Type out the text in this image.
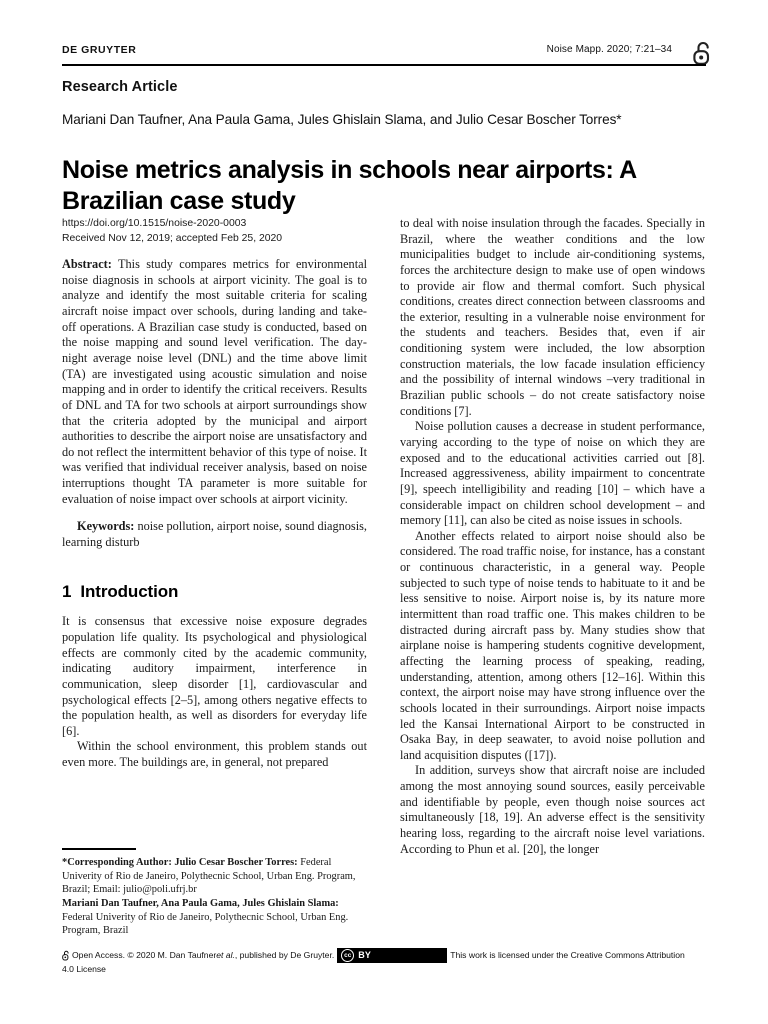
DE GRUYTER	Noise Mapp. 2020; 7:21–34
Research Article
Mariani Dan Taufner, Ana Paula Gama, Jules Ghislain Slama, and Julio Cesar Boscher Torres*
Noise metrics analysis in schools near airports: A Brazilian case study
https://doi.org/10.1515/noise-2020-0003
Received Nov 12, 2019; accepted Feb 25, 2020

Abstract: This study compares metrics for environmental noise diagnosis in schools at airport vicinity. The goal is to analyze and identify the most suitable criteria for scaling aircraft noise impact over schools, during landing and take-off operations. A Brazilian case study is conducted, based on the noise mapping and sound level verification. The day-night average noise level (DNL) and the time above limit (TA) are investigated using acoustic simulation and noise mapping and in order to identify the critical receivers. Results of DNL and TA for two schools at airport surroundings show that the criteria adopted by the municipal and airport authorities to describe the airport noise are unsatisfactory and do not reflect the intermittent behavior of this type of noise. It was verified that individual receiver analysis, based on noise interruptions thought TA parameter is more suitable for evaluation of noise impact over schools at airport vicinity.

Keywords: noise pollution, airport noise, sound diagnosis, learning disturb

1 Introduction

It is consensus that excessive noise exposure degrades population life quality. Its psychological and physiological effects are commonly cited by the academic community, indicating auditory impairment, interference in communication, sleep disorder [1], cardiovascular and psychological effects [2–5], among others negative effects to the population health, as well as disorders for everyday life [6].

Within the school environment, this problem stands out even more. The buildings are, in general, not prepared

to deal with noise insulation through the facades. Specially in Brazil, where the weather conditions and the low municipalities budget to include air-conditioning systems, forces the architecture design to make use of open windows to provide air flow and thermal comfort. Such physical conditions, creates direct connection between classrooms and the exterior, resulting in a vulnerable noise environment for the students and teachers. Besides that, even if air conditioning system were included, the low absorption construction materials, the low facade insulation efficiency and the possibility of internal windows –very traditional in Brazilian public schools – do not create satisfactory noise conditions [7].

Noise pollution causes a decrease in student performance, varying according to the type of noise on which they are exposed and to the educational activities carried out [8]. Increased aggressiveness, ability impairment to concentrate [9], speech intelligibility and reading [10] – which have a considerable impact on children school development – and memory [11], can also be cited as noise issues in schools.

Another effects related to airport noise should also be considered. The road traffic noise, for instance, has a constant or continuous characteristic, in a general way. People subjected to such type of noise tends to habituate to it and be less sensitive to noise. Airport noise is, by its nature more intermittent than road traffic one. This makes children to be distracted during aircraft pass by. Many studies show that airplane noise is hampering students cognitive development, affecting the learning process of speaking, reading, understanding, attention, among others [12–16]. Within this context, the airport noise may have strong influence over the schools located in their surroundings. Airport noise impacts led the Kansai International Airport to be constructed in Osaka Bay, in deep seawater, to avoid noise pollution and land acquisition disputes ([17]).

In addition, surveys show that aircraft noise are included among the most annoying sound sources, easily perceivable and identifiable by people, even though noise sources act simultaneously [18, 19]. An adverse effect is the sensitivity hearing loss, regarding to the aircraft noise level variations. According to Phun et al. [20], the longer

*Corresponding Author: Julio Cesar Boscher Torres: Federal Univerity of Rio de Janeiro, Polythecnic School, Urban Eng. Program, Brazil; Email: julio@poli.ufrj.br

Mariani Dan Taufner, Ana Paula Gama, Jules Ghislain Slama: Federal Univerity of Rio de Janeiro, Polythecnic School, Urban Eng. Program, Brazil

Open Access. © 2020 M. Dan Taufner et al. , published by De Gruyter.	cc BY	This work is licensed under the Creative Commons Attribution
4.0 License
